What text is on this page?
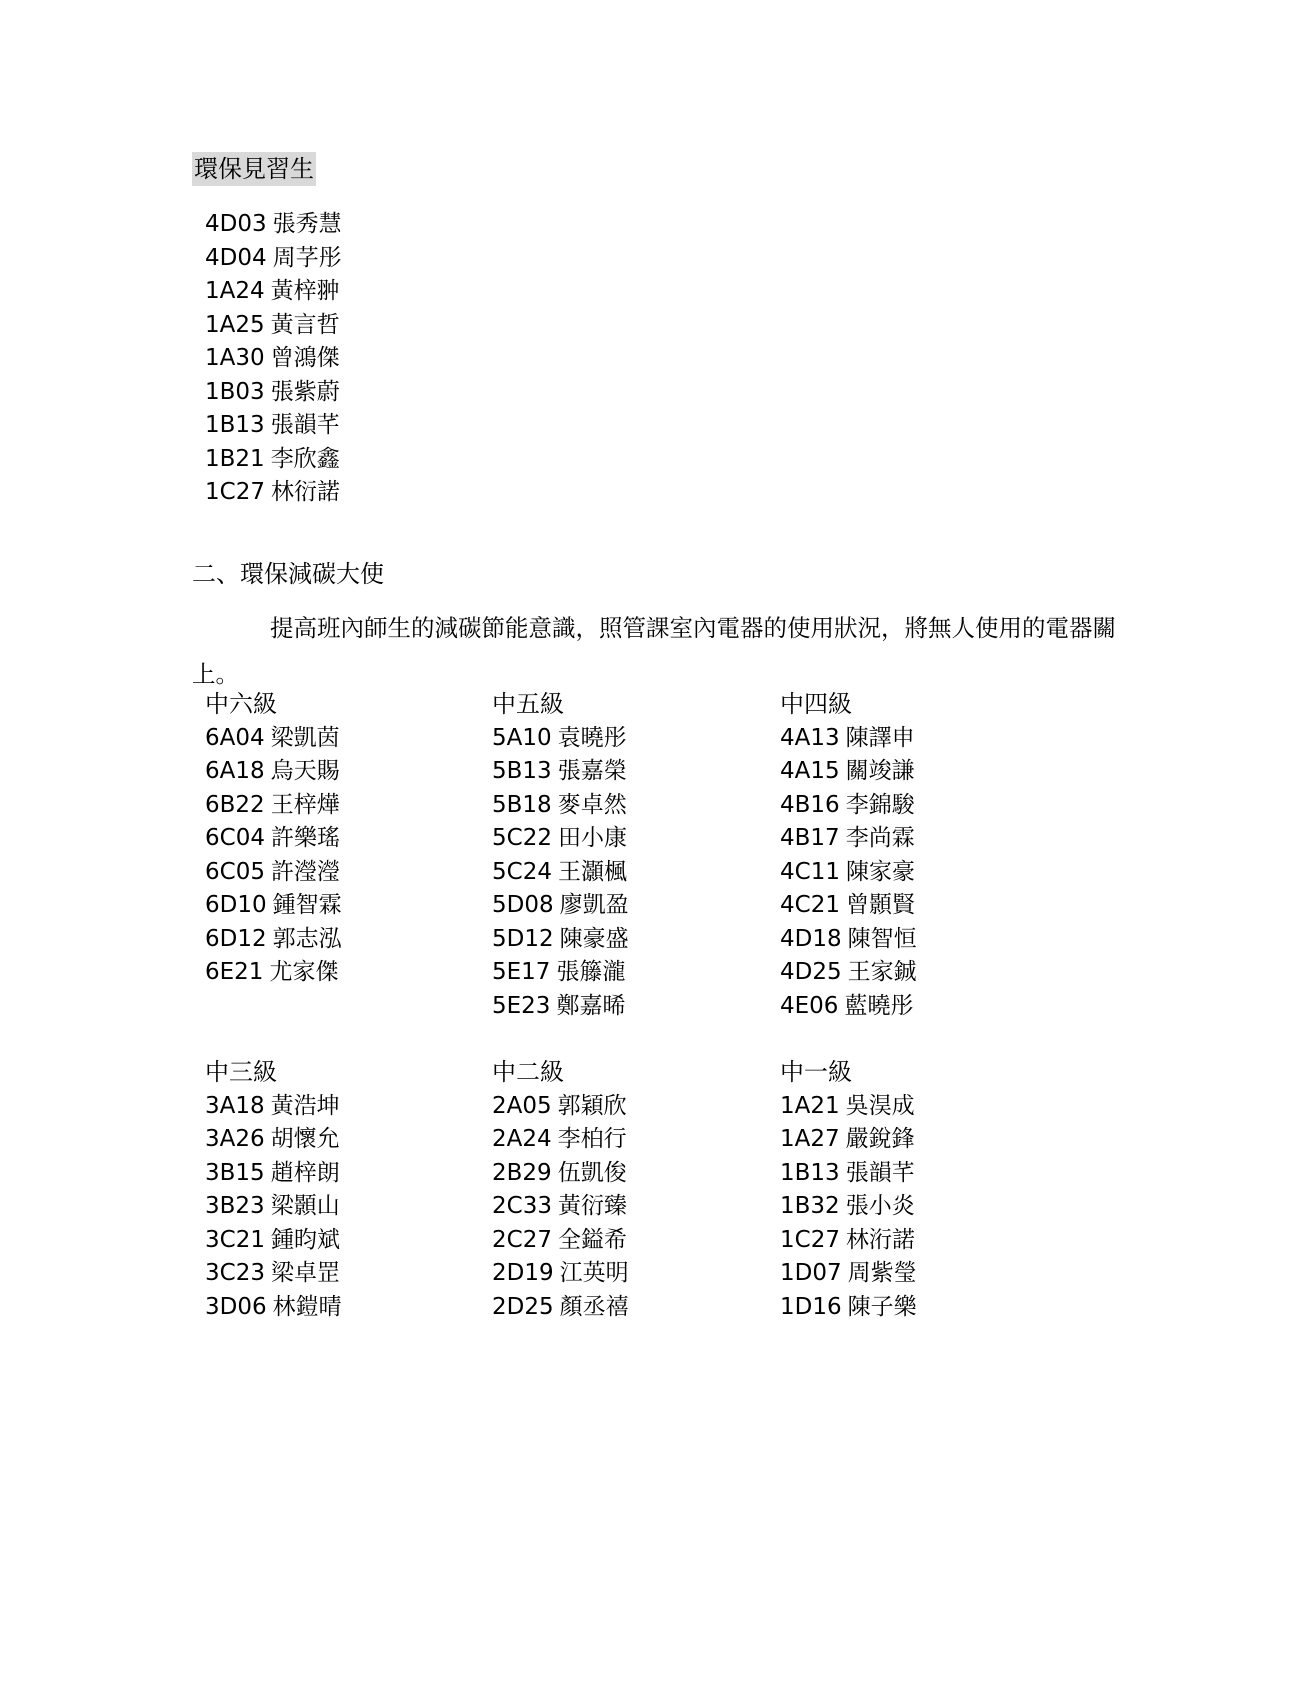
環保見習生
4D03 張秀慧
4D04 周芓彤
1A24 黃梓翀
1A25 黃言哲
1A30 曾鴻傑
1B03 張紫蔚
1B13 張韻芊
1B21 李欣鑫
1C27 林衍諾
二、環保減碳大使

提高班內師生的減碳節能意識，照管課室內電器的使用狀況，將無人使用的電器關上。

中六級
6A04 梁凱茵
6A18 烏天賜
6B22 王梓燁
6C04 許樂瑤
6C05 許瀅瀅
6D10 鍾智霖
6D12 郭志泓
6E21 尤家傑
中五級
5A10 袁曉彤
5B13 張嘉榮
5B18 麥卓然
5C22 田小康
5C24 王灝楓
5D08 廖凱盈
5D12 陳豪盛
5E17 張籐瀧
5E23 鄭嘉晞
中四級
4A13 陳譯申
4A15 關竣謙
4B16 李錦駿
4B17 李尚霖
4C11 陳家豪
4C21 曾顥賢
4D18 陳智恒
4D25 王家鋮
4E06 藍曉彤
中三級
3A18 黃浩坤
3A26 胡懷允
3B15 趙梓朗
3B23 梁顥山
3C21 鍾昀斌
3C23 梁卓罡
3D06 林鎧晴
中二級
2A05 郭穎欣
2A24 李柏行
2B29 伍凱俊
2C33 黃衍臻
2C27 全鎰希
2D19 江英明
2D25 顏丞禧
中一級
1A21 吳淏成
1A27 嚴銳鋒
1B13 張韻芊
1B32 張小炎
1C27 林洐諾
1D07 周紫瑩
1D16 陳子樂
